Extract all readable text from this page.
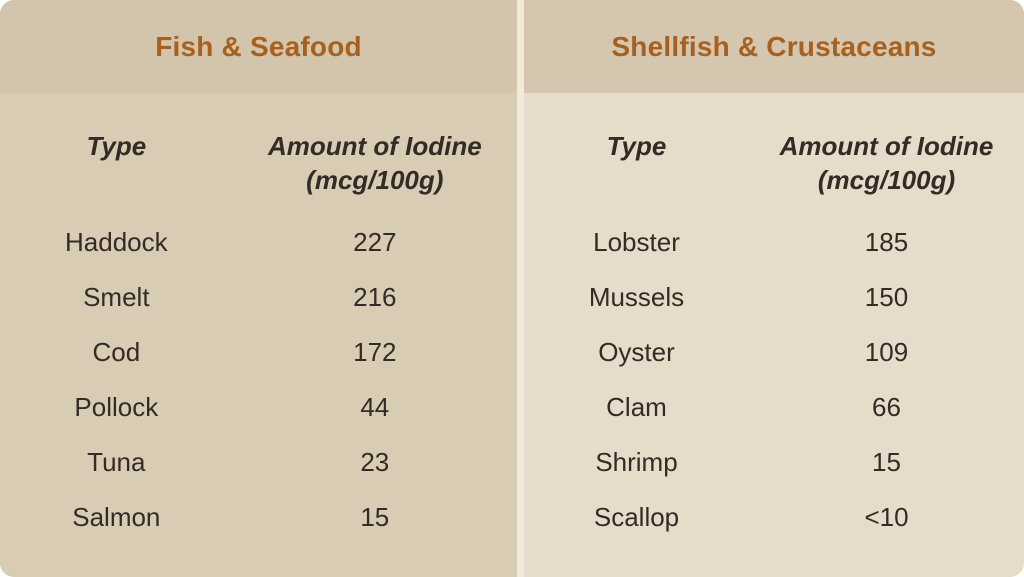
Fish & Seafood
Type	Amount of Iodine
(mcg/100g)
Haddock	227
Smelt	216
Cod	172
Pollock	44
Tuna	23
Salmon	15
Shellfish & Crustaceans
Type	Amount of Iodine
(mcg/100g)
Lobster	185
Mussels	150
Oyster	109
Clam	66
Shrimp	15
Scallop	<10
